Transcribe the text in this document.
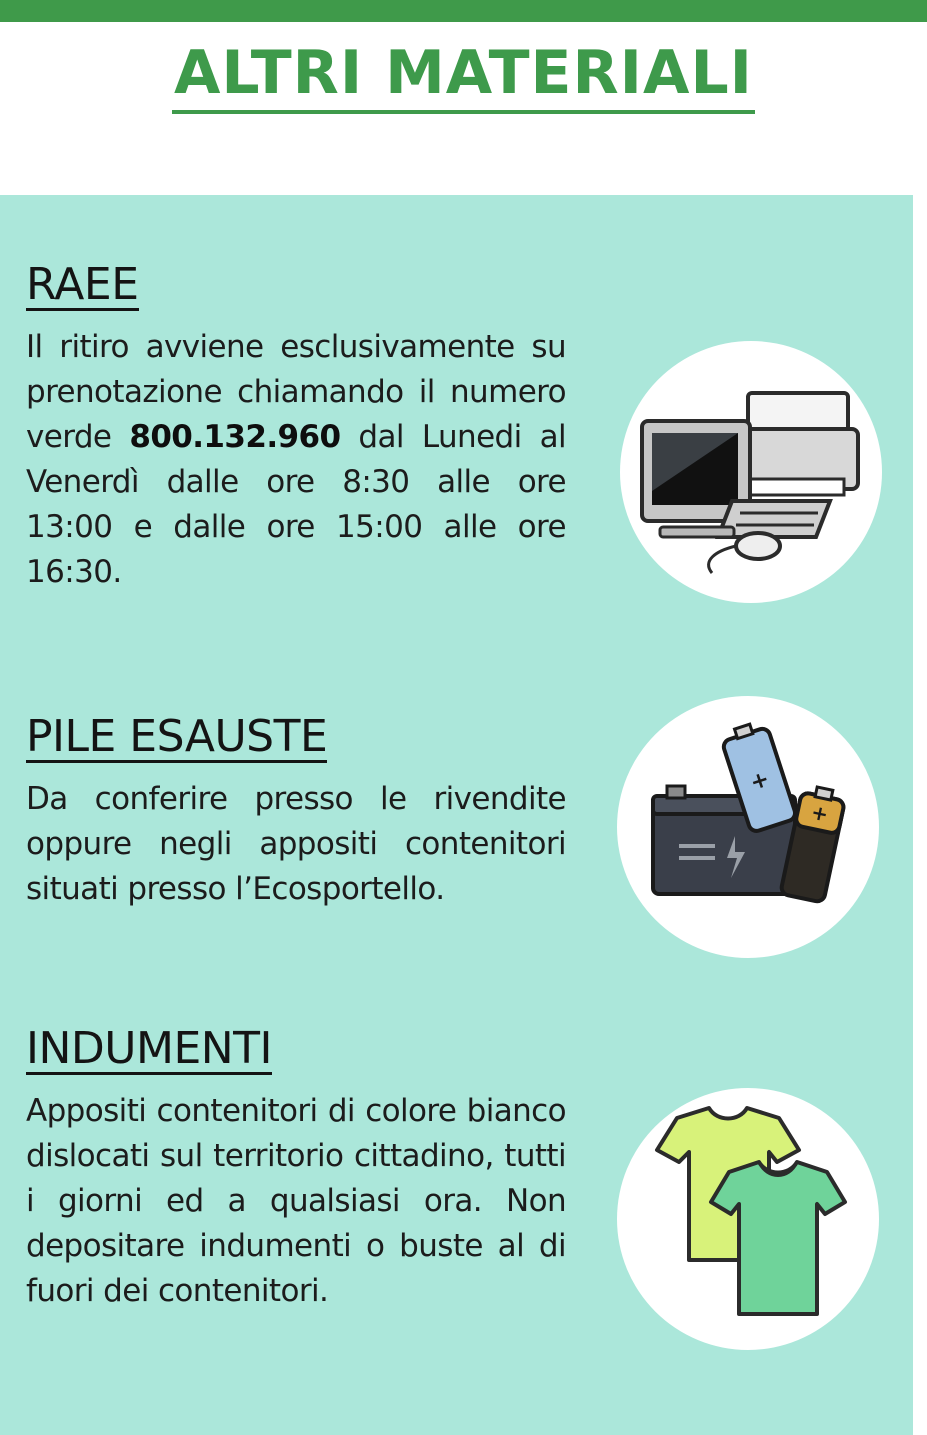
ALTRI MATERIALI
RAEE

Il ritiro avviene esclusivamente su prenotazione chiamando il numero verde 800.132.960 dal Lunedi al Venerdì dalle ore 8:30 alle ore 13:00 e dalle ore 15:00 alle ore 16:30.

PILE ESAUSTE

Da conferire presso le rivendite oppure negli appositi contenitori situati presso l’Ecosportello.

+
+
INDUMENTI

Appositi contenitori di colore bianco dislocati sul territorio cittadino, tutti i giorni ed a qualsiasi ora. Non depositare indumenti o buste al di fuori dei contenitori.
